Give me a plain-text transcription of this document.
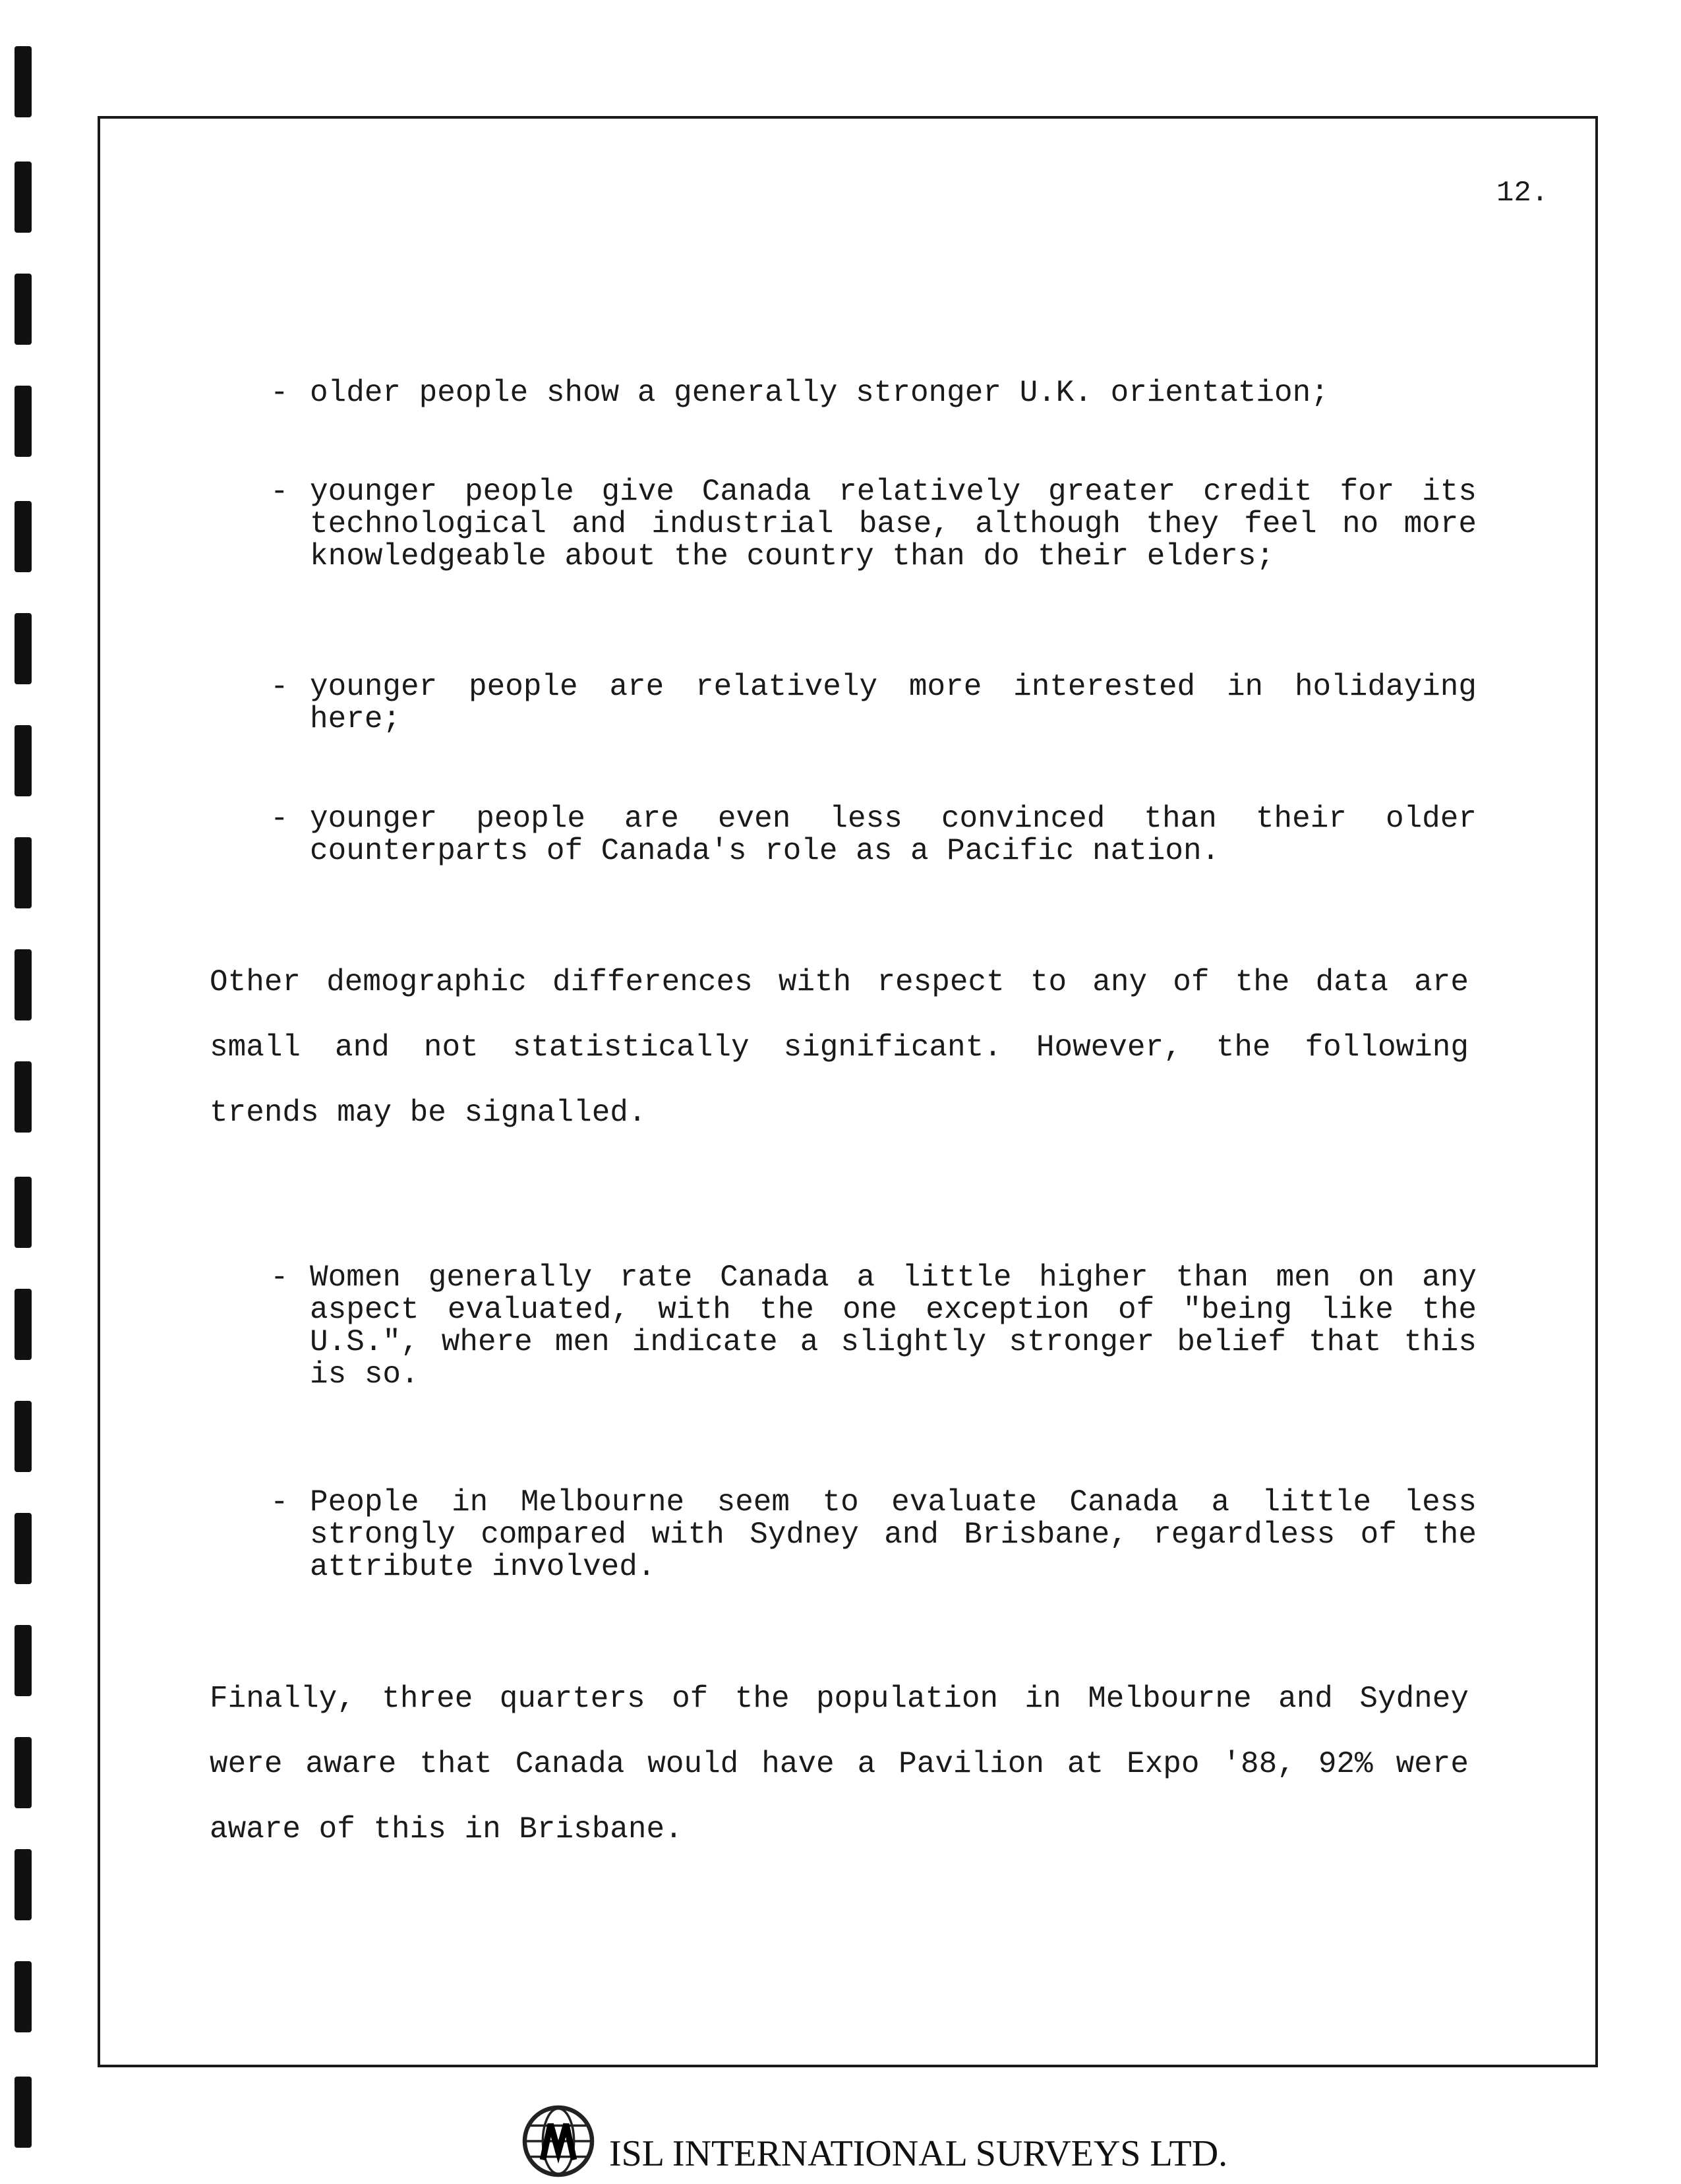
12.
- older people show a generally stronger U.K. orientation;
- younger people give Canada relatively greater credit for its technological and industrial base, although they feel no more knowledgeable about the country than do their elders;
- younger people are relatively more interested in holidaying here;
- younger people are even less convinced than their older counterparts of Canada's role as a Pacific nation.
Other demographic differences with respect to any of the data are small and not statistically significant. However, the following trends may be signalled.
- Women generally rate Canada a little higher than men on any aspect evaluated, with the one exception of "being like the U.S.", where men indicate a slightly stronger belief that this is so.
- People in Melbourne seem to evaluate Canada a little less strongly compared with Sydney and Brisbane, regardless of the attribute involved.
Finally, three quarters of the population in Melbourne and Sydney were aware that Canada would have a Pavilion at Expo '88, 92% were aware of this in Brisbane.
ISL INTERNATIONAL SURVEYS LTD.
